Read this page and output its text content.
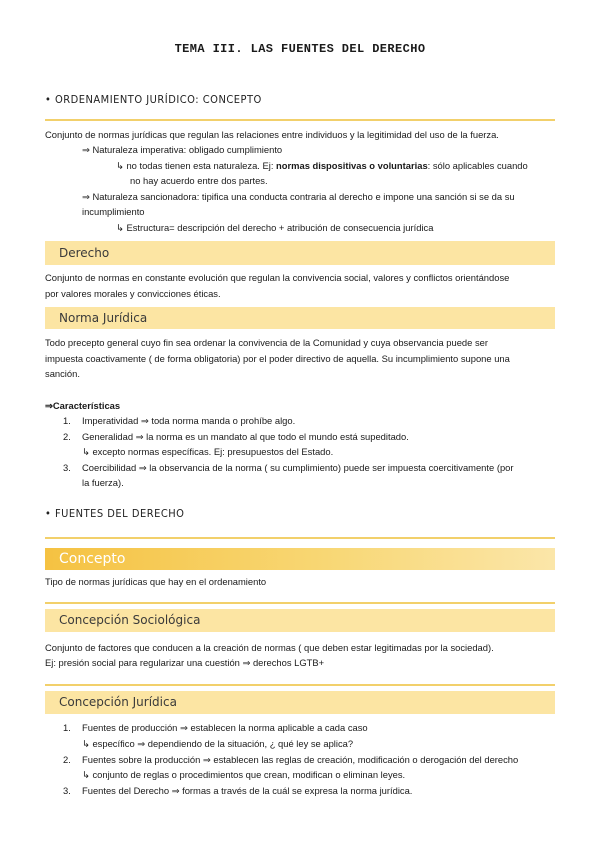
TEMA III. LAS FUENTES DEL DERECHO
• ORDENAMIENTO JURÍDICO: CONCEPTO
Conjunto de normas jurídicas que regulan las relaciones entre individuos y la legitimidad del uso de la fuerza.
⇒ Naturaleza imperativa: obligado cumplimiento
↳ no todas tienen esta naturaleza. Ej: normas dispositivas o voluntarias: sólo aplicables cuando
no hay acuerdo entre dos partes.
⇒ Naturaleza sancionadora: tipifica una conducta contraria al derecho e impone una sanción si se da su
incumplimiento
↳ Estructura= descripción del derecho + atribución de consecuencia jurídica
Derecho
Conjunto de normas en constante evolución que regulan la convivencia social, valores y conflictos orientándose
por valores morales y convicciones éticas.
Norma Jurídica
Todo precepto general cuyo fin sea ordenar la convivencia de la Comunidad y cuya observancia puede ser
impuesta coactivamente ( de forma obligatoria) por el poder directivo de aquella. Su incumplimiento supone una
sanción.
⇒Características
1.	Imperatividad ⇒ toda norma manda o prohíbe algo.
2.	Generalidad ⇒ la norma es un mandato al que todo el mundo está supeditado.
↳ excepto normas específicas. Ej: presupuestos del Estado.
3.	Coercibilidad ⇒ la observancia de la norma ( su cumplimiento) puede ser impuesta coercitivamente (por
la fuerza).
• FUENTES DEL DERECHO
Concepto
Tipo de normas jurídicas que hay en el ordenamiento
Concepción Sociológica
Conjunto de factores que conducen a la creación de normas ( que deben estar legitimadas por la sociedad).
Ej: presión social para regularizar una cuestión ⇒ derechos LGTB+
Concepción Jurídica
1.	Fuentes de producción ⇒ establecen la norma aplicable a cada caso
↳ específico ⇒ dependiendo de la situación, ¿ qué ley se aplica?
2.	Fuentes sobre la producción ⇒ establecen las reglas de creación, modificación o derogación del derecho
↳ conjunto de reglas o procedimientos que crean, modifican o eliminan leyes.
3.	Fuentes del Derecho ⇒ formas a través de la cuál se expresa la norma jurídica.
